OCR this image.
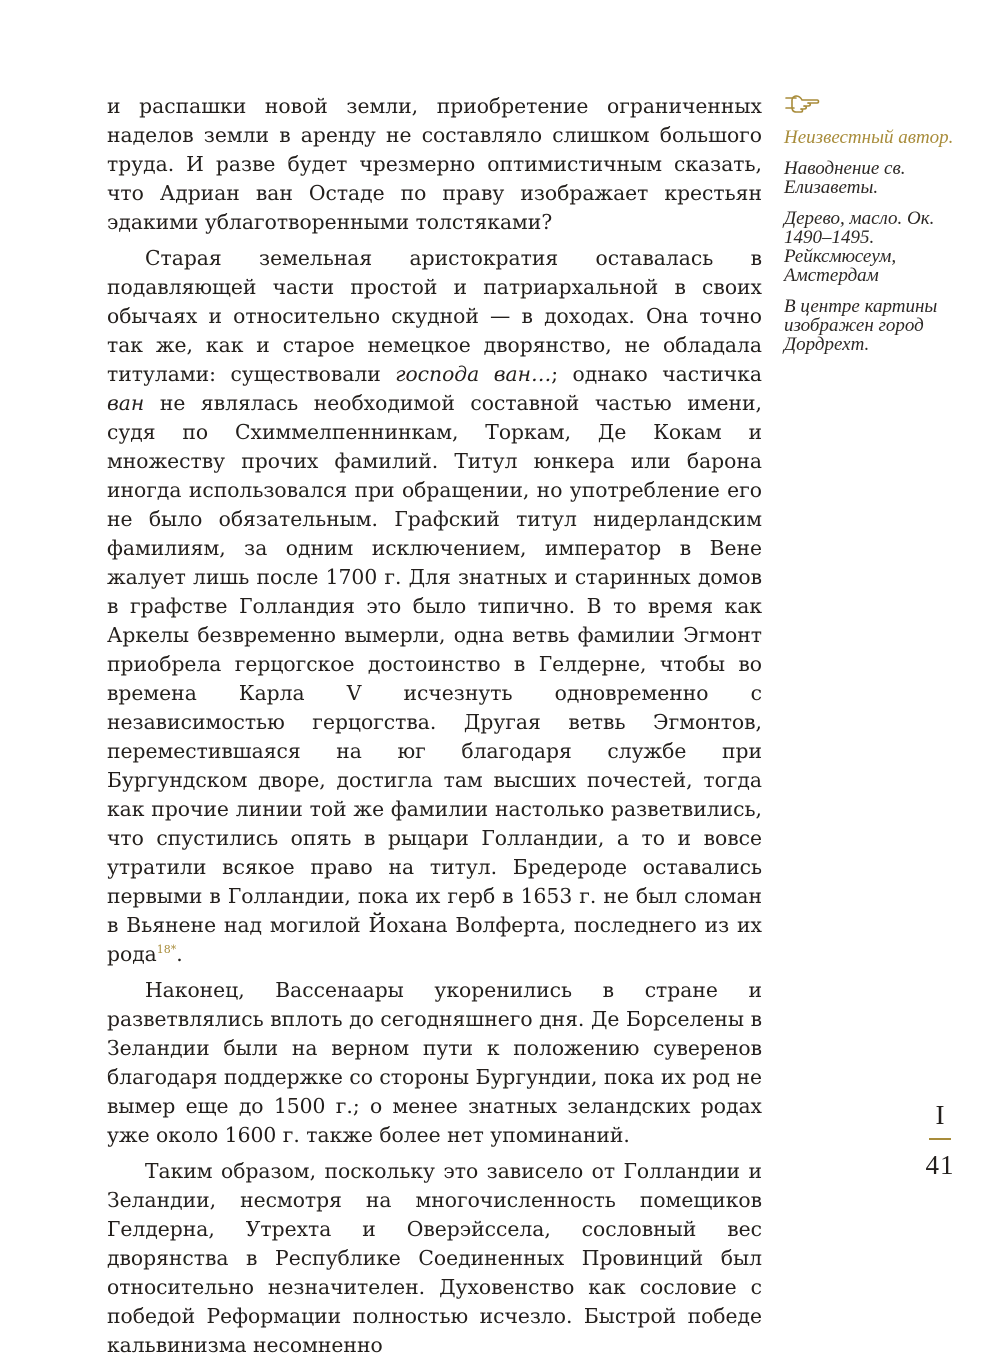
и распашки новой земли, приобретение ограниченных наделов земли в аренду не составляло слишком большого труда. И разве будет чрезмерно оптимистичным сказать, что Адриан ван Остаде по праву изображает крестьян эдакими ублаготворенными толстяками?

Старая земельная аристократия оставалась в подавляющей части простой и патриархальной в своих обычаях и относительно скудной — в доходах. Она точно так же, как и старое немецкое дворянство, не обладала титулами: существовали господа ван…; однако частичка ван не являлась необходимой составной частью имени, судя по Схиммелпеннинкам, Торкам, Де Кокам и множеству прочих фамилий. Титул юнкера или барона иногда использовался при обращении, но употребление его не было обязательным. Графский титул нидерландским фамилиям, за одним исключением, император в Вене жалует лишь после 1700 г. Для знатных и старинных домов в графстве Голландия это было типично. В то время как Аркелы безвременно вымерли, одна ветвь фамилии Эгмонт приобрела герцогское достоинство в Гелдерне, чтобы во времена Карла V исчезнуть одновременно с независимостью герцогства. Другая ветвь Эгмонтов, переместившаяся на юг благодаря службе при Бургундском дворе, достигла там высших почестей, тогда как прочие линии той же фамилии настолько разветвились, что спустились опять в рыцари Голландии, а то и вовсе утратили всякое право на титул. Бредероде оставались первыми в Голландии, пока их герб в 1653 г. не был сломан в Вьянене над могилой Йохана Волферта, последнего из их рода$^{18*}$.

Наконец, Вассенаары укоренились в стране и разветвлялись вплоть до сегодняшнего дня. Де Борселены в Зеландии были на верном пути к положению суверенов благодаря поддержке со стороны Бургундии, пока их род не вымер еще до 1500 г.; о менее знатных зеландских родах уже около 1600 г. также более нет упоминаний.

Таким образом, поскольку это зависело от Голландии и Зеландии, несмотря на многочисленность помещиков Гелдерна, Утрехта и Оверэйссела, сословный вес дворянства в Республике Соединенных Провинций был относительно незначителен. Духовенство как сословие с победой Реформации полностью исчезло. Быстрой победе кальвинизма несомненно

Неизвестный автор.

Наводнение св. Елизаветы.

Дерево, масло. Ок. 1490–1495. Рейксмюсеум, Амстердам

В центре картины изображен город Дордрехт.

I
41
